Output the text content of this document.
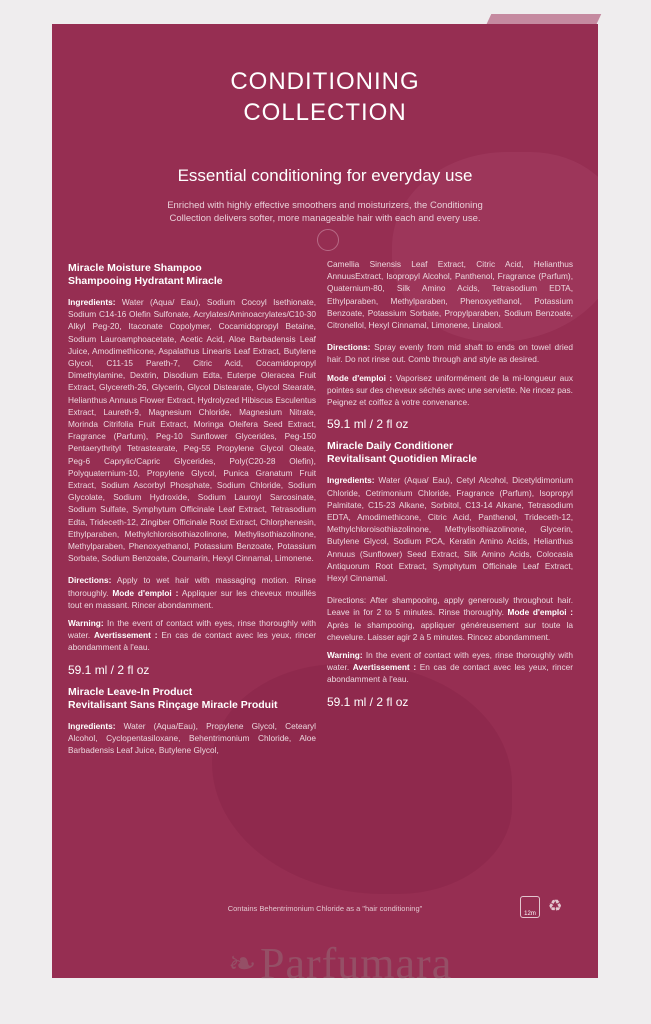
CONDITIONING
COLLECTION
Essential conditioning for everyday use
Enriched with highly effective smoothers and moisturizers, the Conditioning Collection delivers softer, more manageable hair with each and every use.
Miracle Moisture Shampoo
Shampooing Hydratant Miracle

Ingredients: Water (Aqua/ Eau), Sodium Cocoyl Isethionate, Sodium C14-16 Olefin Sulfonate, Acrylates/Aminoacrylates/C10-30 Alkyl Peg-20, Itaconate Copolymer, Cocamidopropyl Betaine, Sodium Lauroamphoacetate, Acetic Acid, Aloe Barbadensis Leaf Juice, Amodimethicone, Aspalathus Linearis Leaf Extract, Butylene Glycol, C11-15 Pareth-7, Citric Acid, Cocamidopropyl Dimethylamine, Dextrin, Disodium Edta, Euterpe Oleracea Fruit Extract, Glycereth-26, Glycerin, Glycol Distearate, Glycol Stearate, Helianthus Annuus Flower Extract, Hydrolyzed Hibiscus Esculentus Extract, Laureth-9, Magnesium Chloride, Magnesium Nitrate, Morinda Citrifolia Fruit Extract, Moringa Oleifera Seed Extract, Fragrance (Parfum), Peg-10 Sunflower Glycerides, Peg-150 Pentaerythrityl Tetrastearate, Peg-55 Propylene Glycol Oleate, Peg-6 Caprylic/Capric Glycerides, Poly(C20-28 Olefin), Polyquaternium-10, Propylene Glycol, Punica Granatum Fruit Extract, Sodium Ascorbyl Phosphate, Sodium Chloride, Sodium Glycolate, Sodium Hydroxide, Sodium Lauroyl Sarcosinate, Sodium Sulfate, Symphytum Officinale Leaf Extract, Tetrasodium Edta, Trideceth-12, Zingiber Officinale Root Extract, Chlorphenesin, Ethylparaben, Methylchloroisothiazolinone, Methylisothiazolinone, Methylparaben, Phenoxyethanol, Potassium Benzoate, Potassium Sorbate, Sodium Benzoate, Coumarin, Hexyl Cinnamal, Limonene.

Directions: Apply to wet hair with massaging motion. Rinse thoroughly. Mode d'emploi : Appliquer sur les cheveux mouillés tout en massant. Rincer abondamment.

Warning: In the event of contact with eyes, rinse thoroughly with water. Avertissement : En cas de contact avec les yeux, rincer abondamment à l'eau.

59.1 ml / 2 fl oz
Miracle Leave-In Product
Revitalisant Sans Rinçage Miracle Produit

Ingredients: Water (Aqua/Eau), Propylene Glycol, Cetearyl Alcohol, Cyclopentasiloxane, Behentrimonium Chloride, Aloe Barbadensis Leaf Juice, Butylene Glycol,

Camellia Sinensis Leaf Extract, Citric Acid, Helianthus AnnuusExtract, Isopropyl Alcohol, Panthenol, Fragrance (Parfum), Quaternium-80, Silk Amino Acids, Tetrasodium EDTA, Ethylparaben, Methylparaben, Phenoxyethanol, Potassium Benzoate, Potassium Sorbate, Propylparaben, Sodium Benzoate, Citronellol, Hexyl Cinnamal, Limonene, Linalool.

Directions: Spray evenly from mid shaft to ends on towel dried hair. Do not rinse out. Comb through and style as desired.

Mode d'emploi : Vaporisez uniformément de la mi-longueur aux pointes sur des cheveux séchés avec une serviette. Ne rincez pas. Peignez et coiffez à votre convenance.

59.1 ml / 2 fl oz
Miracle Daily Conditioner
Revitalisant Quotidien Miracle

Ingredients: Water (Aqua/ Eau), Cetyl Alcohol, Dicetyldimonium Chloride, Cetrimonium Chloride, Fragrance (Parfum), Isopropyl Palmitate, C15-23 Alkane, Sorbitol, C13-14 Alkane, Tetrasodium EDTA, Amodimethicone, Citric Acid, Panthenol, Trideceth-12, Methylchloroisothiazolinone, Methylisothiazolinone, Glycerin, Butylene Glycol, Sodium PCA, Keratin Amino Acids, Helianthus Annuus (Sunflower) Seed Extract, Silk Amino Acids, Colocasia Antiquorum Root Extract, Symphytum Officinale Leaf Extract, Hexyl Cinnamal.

Directions: After shampooing, apply generously throughout hair. Leave in for 2 to 5 minutes. Rinse thoroughly. Mode d'emploi : Après le shampooing, appliquer généreusement sur toute la chevelure. Laisser agir 2 à 5 minutes. Rincez abondamment.

Warning: In the event of contact with eyes, rinse thoroughly with water. Avertissement : En cas de contact avec les yeux, rincer abondamment à l'eau.

59.1 ml / 2 fl oz
Contains Behentrimonium Chloride as a "hair conditioning"
12m ♻
❧ Parfumara
